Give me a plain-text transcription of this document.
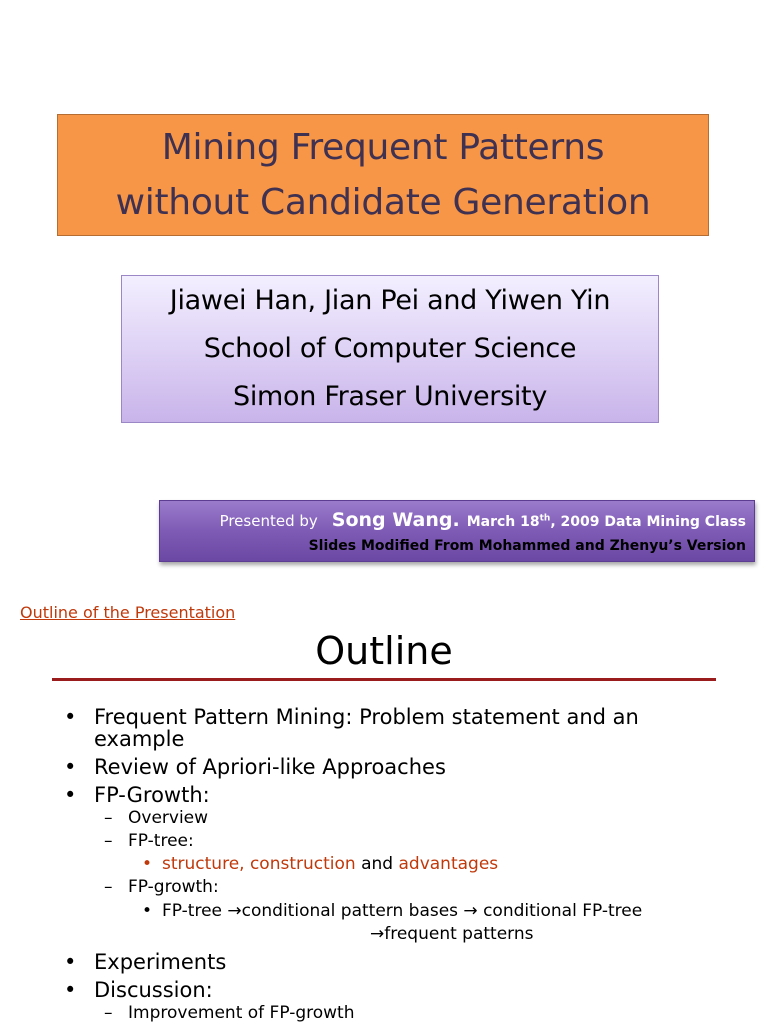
Mining Frequent Patterns
without Candidate Generation
Jiawei Han, Jian Pei and Yiwen Yin
School of Computer Science
Simon Fraser University
Presented by Song Wang. March 18th, 2009 Data Mining Class
Slides Modified From Mohammed and Zhenyu’s Version
Outline of the Presentation
Outline
• Frequent Pattern Mining: Problem statement and an
example
• Review of Apriori-like Approaches
• FP-Growth:
– Overview
– FP-tree:
• structure, construction and advantages
– FP-growth:
• FP-tree →conditional pattern bases → conditional FP-tree
→frequent patterns
• Experiments
• Discussion:
– Improvement of FP-growth
